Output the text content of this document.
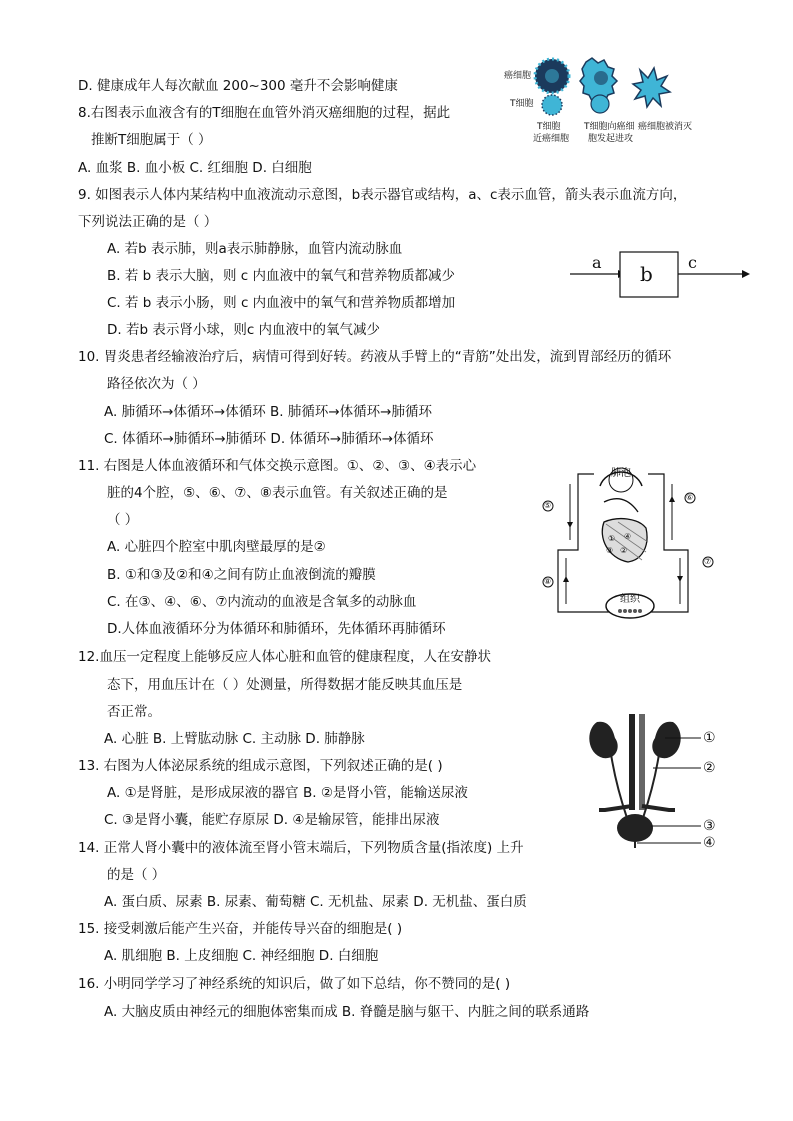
D. 健康成年人每次献血 200~300 毫升不会影响健康
8.右图表示血液含有的T细胞在血管外消灭癌细胞的过程，据此
推断T细胞属于（ ）
A. 血浆 B. 血小板 C. 红细胞 D. 白细胞
9. 如图表示人体内某结构中血液流动示意图，b表示器官或结构，a、c表示血管，箭头表示血流方向，
下列说法正确的是（ ）
A. 若b 表示肺，则a表示肺静脉，血管内流动脉血
B. 若 b 表示大脑，则 c 内血液中的氧气和营养物质都减少
C. 若 b 表示小肠，则 c 内血液中的氧气和营养物质都增加
D. 若b 表示肾小球，则c 内血液中的氧气减少
10. 胃炎患者经输液治疗后，病情可得到好转。药液从手臂上的“青筋”处出发，流到胃部经历的循环
路径依次为（ ）
A. 肺循环→体循环→体循环 B. 肺循环→体循环→肺循环
C. 体循环→肺循环→肺循环 D. 体循环→肺循环→体循环
11. 右图是人体血液循环和气体交换示意图。①、②、③、④表示心
脏的4个腔，⑤、⑥、⑦、⑧表示血管。有关叙述正确的是
（ ）
A. 心脏四个腔室中肌肉壁最厚的是②
B. ①和③及②和④之间有防止血液倒流的瓣膜
C. 在③、④、⑥、⑦内流动的血液是含氧多的动脉血
D.人体血液循环分为体循环和肺循环，先体循环再肺循环
12.血压一定程度上能够反应人体心脏和血管的健康程度，人在安静状
态下，用血压计在（ ）处测量，所得数据才能反映其血压是
否正常。
A. 心脏 B. 上臂肱动脉 C. 主动脉 D. 肺静脉
13. 右图为人体泌尿系统的组成示意图，下列叙述正确的是( )
A. ①是肾脏，是形成尿液的器官 B. ②是肾小管，能输送尿液
C. ③是肾小囊，能贮存原尿 D. ④是输尿管，能排出尿液
14. 正常人肾小囊中的液体流至肾小管末端后，下列物质含量(指浓度) 上升
的是（ ）
A. 蛋白质、尿素 B. 尿素、葡萄糖 C. 无机盐、尿素 D. 无机盐、蛋白质
15. 接受刺激后能产生兴奋，并能传导兴奋的细胞是( )
A. 肌细胞 B. 上皮细胞 C. 神经细胞 D. 白细胞
16. 小明同学学习了神经系统的知识后，做了如下总结，你不赞同的是( )
A. 大脑皮质由神经元的细胞体密集而成 B. 脊髓是脑与躯干、内脏之间的联系通路
癌细胞
T细胞
T细胞
近癌细胞
T细胞向癌细
胞发起进攻
癌细胞被消灭
a b c
肺泡
组织
⑤
⑥
⑦
⑧
①
②
③
④
①
②
③
④
